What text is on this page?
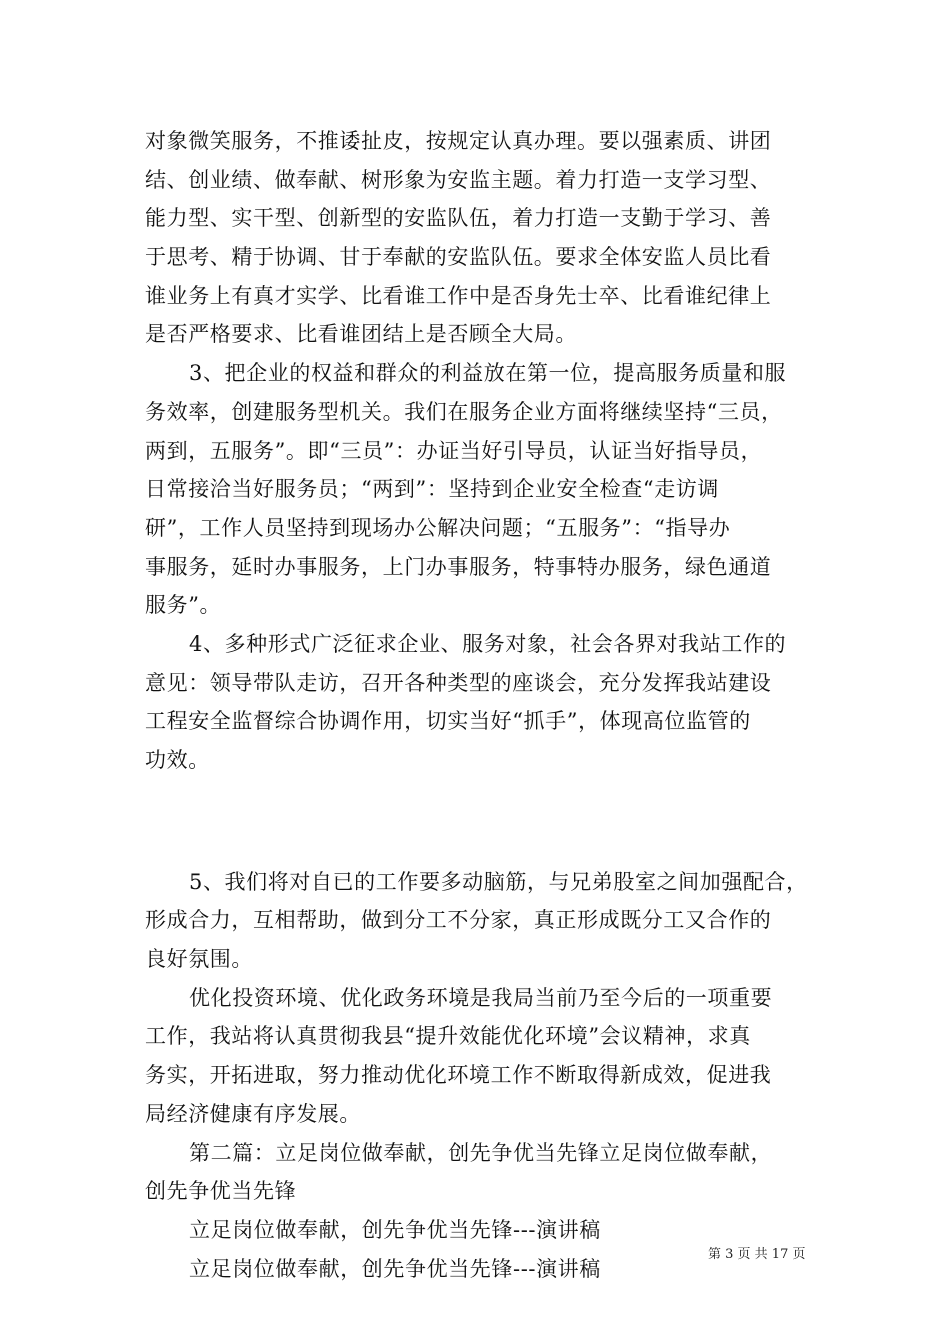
对象微笑服务，不推诿扯皮，按规定认真办理。要以强素质、讲团
结、创业绩、做奉献、树形象为安监主题。着力打造一支学习型、
能力型、实干型、创新型的安监队伍，着力打造一支勤于学习、善
于思考、精于协调、甘于奉献的安监队伍。要求全体安监人员比看
谁业务上有真才实学、比看谁工作中是否身先士卒、比看谁纪律上
是否严格要求、比看谁团结上是否顾全大局。
3、把企业的权益和群众的利益放在第一位，提高服务质量和服
务效率，创建服务型机关。我们在服务企业方面将继续坚持“三员，
两到，五服务”。即“三员”：办证当好引导员，认证当好指导员，
日常接洽当好服务员；“两到”：坚持到企业安全检查“走访调
研”，工作人员坚持到现场办公解决问题；“五服务”：“指导办
事服务，延时办事服务，上门办事服务，特事特办服务，绿色通道
服务”。
4、多种形式广泛征求企业、服务对象，社会各界对我站工作的
意见：领导带队走访，召开各种类型的座谈会，充分发挥我站建设
工程安全监督综合协调作用，切实当好“抓手”，体现高位监管的
功效。
5、我们将对自已的工作要多动脑筋，与兄弟股室之间加强配合，
形成合力，互相帮助，做到分工不分家，真正形成既分工又合作的
良好氛围。
优化投资环境、优化政务环境是我局当前乃至今后的一项重要
工作，我站将认真贯彻我县“提升效能优化环境”会议精神，求真
务实，开拓进取，努力推动优化环境工作不断取得新成效，促进我
局经济健康有序发展。
第二篇：立足岗位做奉献，创先争优当先锋立足岗位做奉献，
创先争优当先锋
立足岗位做奉献，创先争优当先锋---演讲稿
立足岗位做奉献，创先争优当先锋---演讲稿
第 3 页 共 17 页
